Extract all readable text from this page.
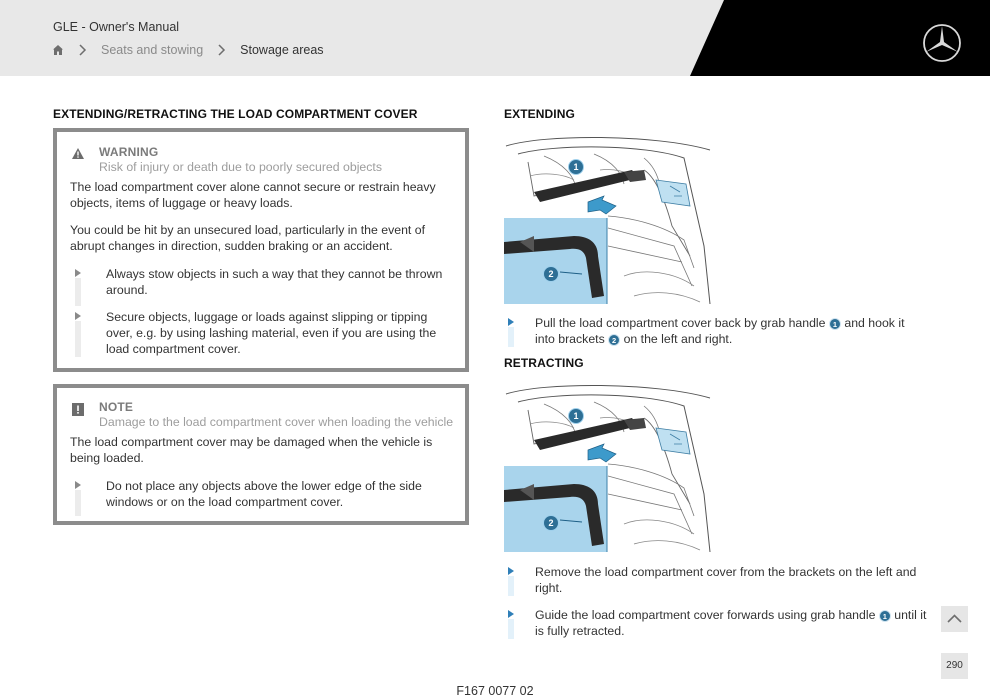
GLE - Owner's Manual
Seats and stowing	Stowage areas
EXTENDING/RETRACTING THE LOAD COMPARTMENT COVER
WARNING
Risk of injury or death due to poorly secured objects
The load compartment cover alone cannot secure or restrain heavy
objects, items of luggage or heavy loads.
You could be hit by an unsecured load, particularly in the event of
abrupt changes in direction, sudden braking or an accident.
Always stow objects in such a way that they cannot be thrown
around.
Secure objects, luggage or loads against slipping or tipping
over, e.g. by using lashing material, even if you are using the
load compartment cover.
NOTE
Damage to the load compartment cover when loading the vehicle
The load compartment cover may be damaged when the vehicle is
being loaded.
Do not place any objects above the lower edge of the side
windows or on the load compartment cover.
EXTENDING
1
2
Pull the load compartment cover back by grab handle 1 and hook it
into brackets 2 on the left and right.
RETRACTING
1
2
Remove the load compartment cover from the brackets on the left and
right.
Guide the load compartment cover forwards using grab handle 1 until it
is fully retracted.
290
F167 0077 02
